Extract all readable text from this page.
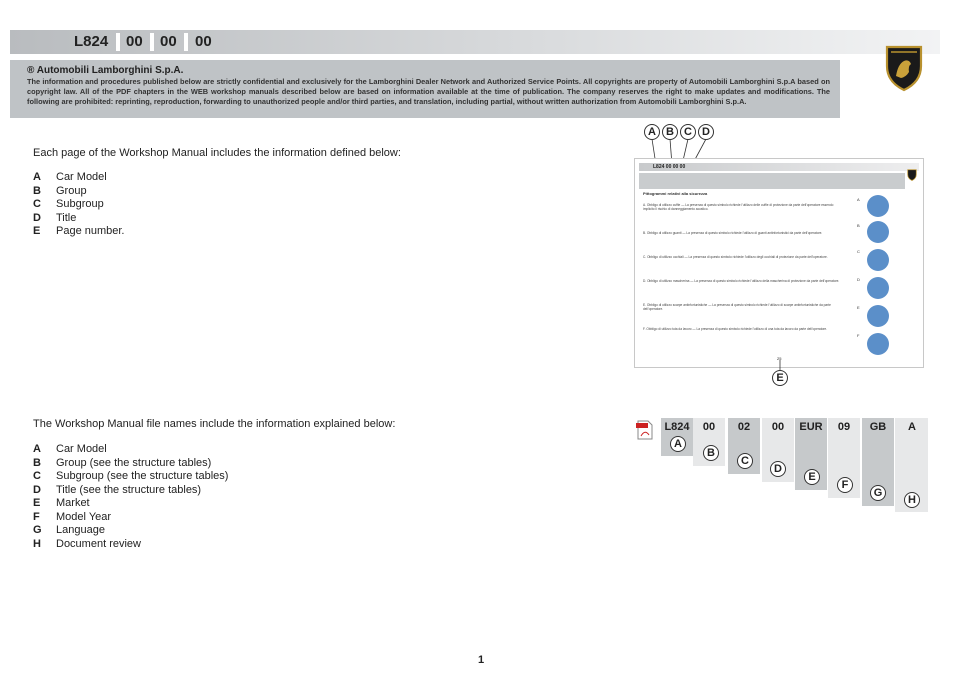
L824 00 00 00
® Automobili Lamborghini S.p.A.
The information and procedures published below are strictly confidential and exclusively for the Lamborghini Dealer Network and Authorized Service Points. All copyrights are property of Automobili Lamborghini S.p.A based on copyright law. All of the PDF chapters in the WEB workshop manuals described below are based on information available at the time of publication. The company reserves the right to make updates and modifications. The following are prohibited: reprinting, reproduction, forwarding to unauthorized people and/or third parties, and translation, including partial, without written authorization from Automobili Lamborghini S.p.A.
Each page of the Workshop Manual includes the information defined below:
A Car Model
B Group
C Subgroup
D Title
E Page number.
The Workshop Manual file names include the information explained below:
A Car Model
B Group (see the structure tables)
C Subgroup (see the structure tables)
D Title (see the structure tables)
E Market
F Model Year
G Language
H Document review
A B C D
L824 00 00 00
Pittogrammi relativi alla sicurezza
A. Obbligo di utilizzo cuffie — La presenza di questo simbolo richiede l'utilizzo delle cuffie di protezione da parte dell'operatore essendo implicito il rischio di danneggiamento acustico.
B. Obbligo di utilizzo guanti — La presenza di questo simbolo richiede l'utilizzo di guanti antinfortunistici da parte dell'operatore.
C. Obbligo di utilizzo occhiali — La presenza di questo simbolo richiede l'utilizzo degli occhiali di protezione da parte dell'operatore.
D. Obbligo di utilizzo mascherina — La presenza di questo simbolo richiede l'utilizzo della mascherina di protezione da parte dell'operatore.
E. Obbligo di utilizzo scarpe antinfortunistiche — La presenza di questo simbolo richiede l'utilizzo di scarpe antinfortunistiche da parte dell'operatore.
F. Obbligo di utilizzo tuta da lavoro — La presenza di questo simbolo richiede l'utilizzo di una tuta da lavoro da parte dell'operatore.
A
B
C
D
E
F
25
E
L824	00	02	00	EUR	09	GB	A
A
B
C
D
E
F
G
H
1
